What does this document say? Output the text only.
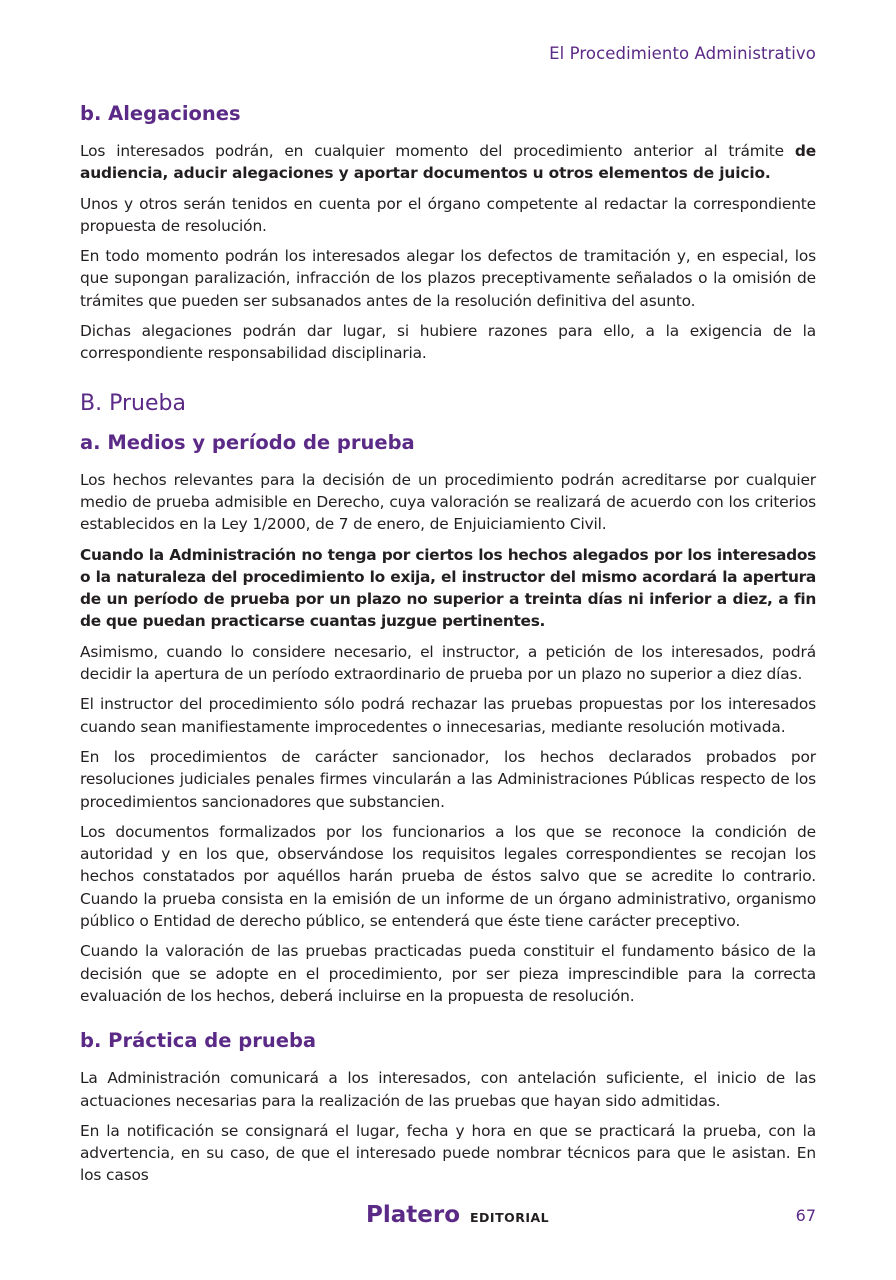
El Procedimiento Administrativo
b. Alegaciones

Los interesados podrán, en cualquier momento del procedimiento anterior al trámite de audiencia, aducir alegaciones y aportar documentos u otros elementos de juicio.

Unos y otros serán tenidos en cuenta por el órgano competente al redactar la correspondiente propuesta de resolución.

En todo momento podrán los interesados alegar los defectos de tramitación y, en especial, los que supongan paralización, infracción de los plazos preceptivamente señalados o la omisión de trámites que pueden ser subsanados antes de la resolución definitiva del asunto.

Dichas alegaciones podrán dar lugar, si hubiere razones para ello, a la exigencia de la correspondiente responsabilidad disciplinaria.

B. Prueba
a. Medios y período de prueba

Los hechos relevantes para la decisión de un procedimiento podrán acreditarse por cualquier medio de prueba admisible en Derecho, cuya valoración se realizará de acuerdo con los criterios establecidos en la Ley 1/2000, de 7 de enero, de Enjuiciamiento Civil.

Cuando la Administración no tenga por ciertos los hechos alegados por los interesados o la naturaleza del procedimiento lo exija, el instructor del mismo acordará la apertura de un período de prueba por un plazo no superior a treinta días ni inferior a diez, a fin de que puedan practicarse cuantas juzgue pertinentes.

Asimismo, cuando lo considere necesario, el instructor, a petición de los interesados, podrá decidir la apertura de un período extraordinario de prueba por un plazo no superior a diez días.

El instructor del procedimiento sólo podrá rechazar las pruebas propuestas por los interesados cuando sean manifiestamente improcedentes o innecesarias, mediante resolución motivada.

En los procedimientos de carácter sancionador, los hechos declarados probados por resoluciones judiciales penales firmes vincularán a las Administraciones Públicas respecto de los procedimientos sancionadores que substancien.

Los documentos formalizados por los funcionarios a los que se reconoce la condición de autoridad y en los que, observándose los requisitos legales correspondientes se recojan los hechos constatados por aquéllos harán prueba de éstos salvo que se acredite lo contrario. Cuando la prueba consista en la emisión de un informe de un órgano administrativo, organismo público o Entidad de derecho público, se entenderá que éste tiene carácter preceptivo.

Cuando la valoración de las pruebas practicadas pueda constituir el fundamento básico de la decisión que se adopte en el procedimiento, por ser pieza imprescindible para la correcta evaluación de los hechos, deberá incluirse en la propuesta de resolución.

b. Práctica de prueba

La Administración comunicará a los interesados, con antelación suficiente, el inicio de las actuaciones necesarias para la realización de las pruebas que hayan sido admitidas.

En la notificación se consignará el lugar, fecha y hora en que se practicará la prueba, con la advertencia, en su caso, de que el interesado puede nombrar técnicos para que le asistan. En los casos

Platero EDITORIAL	67
